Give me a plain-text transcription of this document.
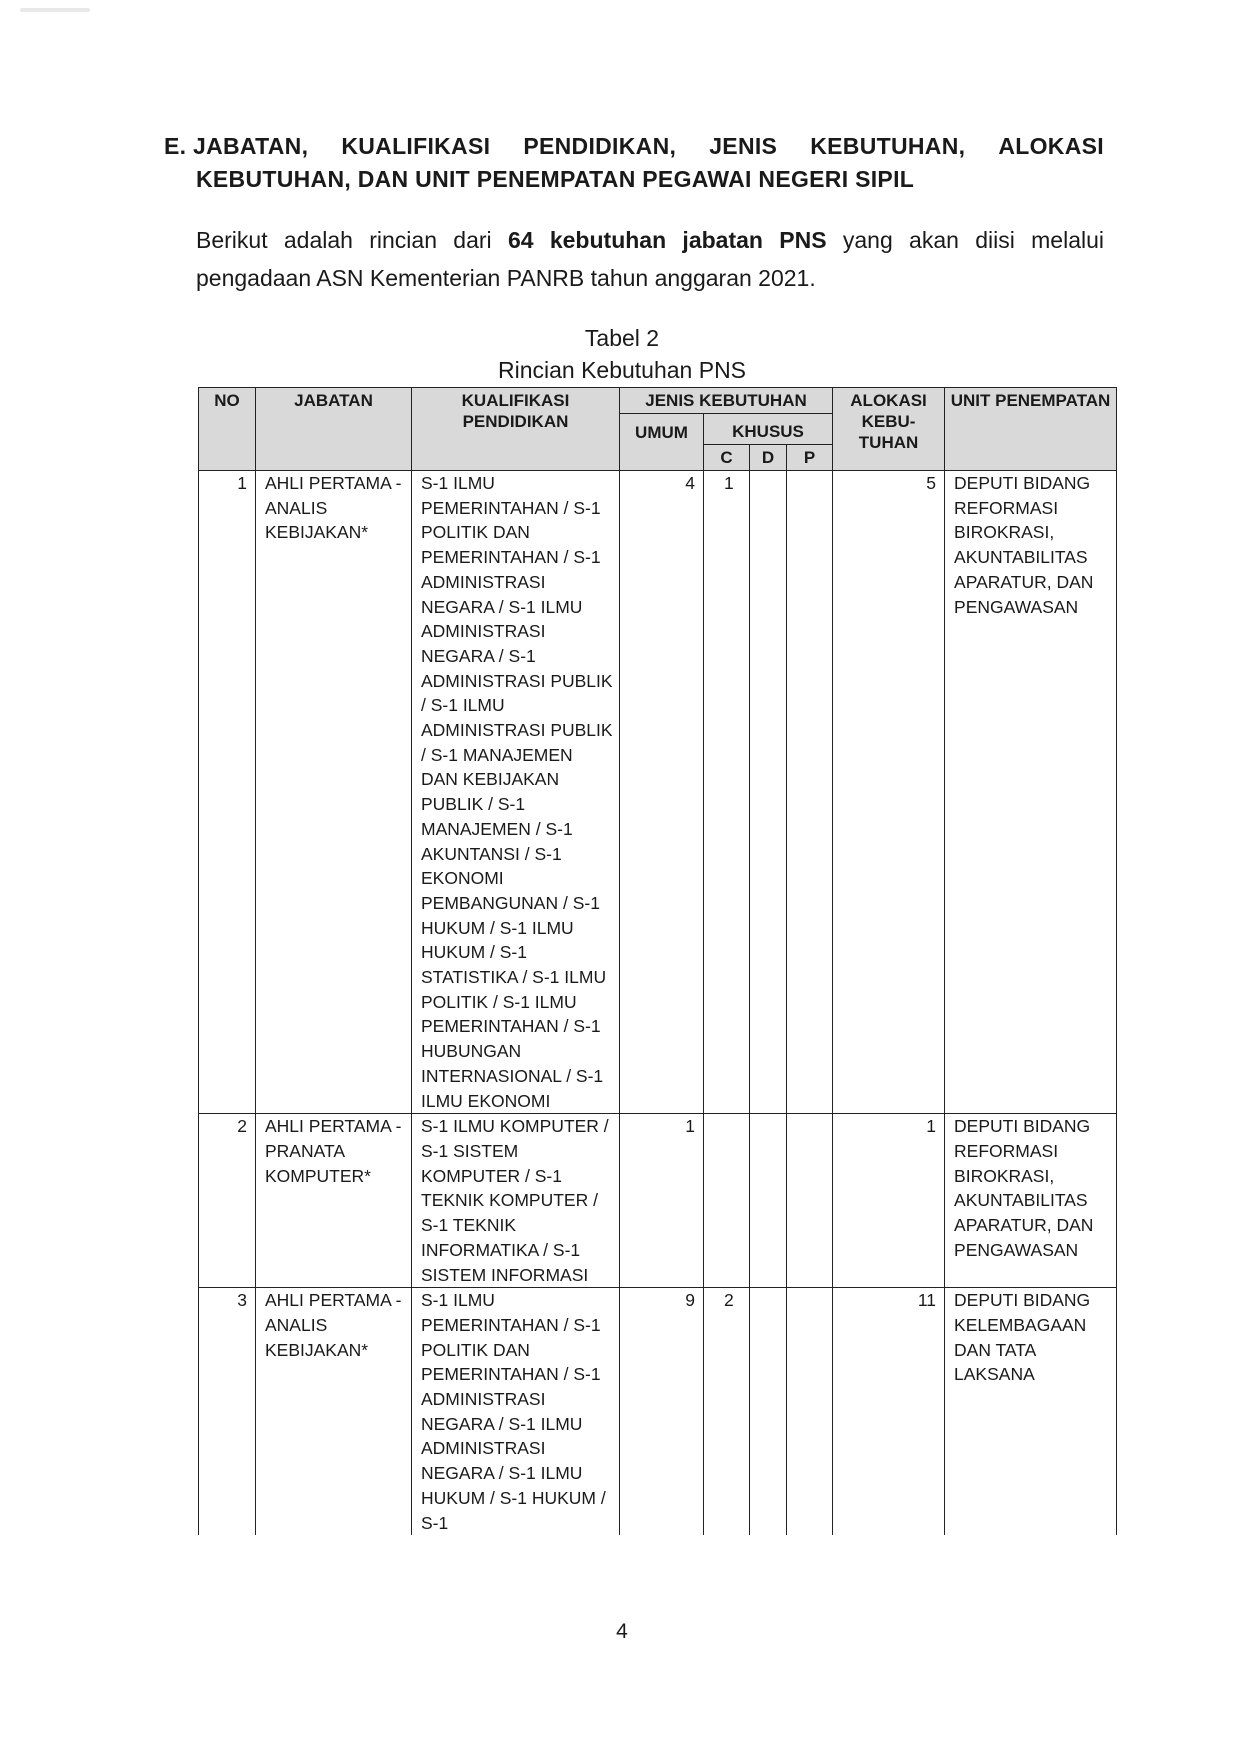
E. JABATAN, KUALIFIKASI PENDIDIKAN, JENIS KEBUTUHAN, ALOKASI
KEBUTUHAN, DAN UNIT PENEMPATAN PEGAWAI NEGERI SIPIL
Berikut adalah rincian dari 64 kebutuhan jabatan PNS yang akan diisi melalui pengadaan ASN Kementerian PANRB tahun anggaran 2021.
Tabel 2
Rincian Kebutuhan PNS
NO	JABATAN	KUALIFIKASI PENDIDIKAN	JENIS KEBUTUHAN				ALOKASI KEBU- TUHAN	UNIT PENEMPATAN
			UMUM	KHUSUS				
				C	D	P		
1	AHLI PERTAMA - ANALIS KEBIJAKAN*	S-1 ILMU PEMERINTAHAN / S-1 POLITIK DAN PEMERINTAHAN / S-1 ADMINISTRASI NEGARA / S-1 ILMU ADMINISTRASI NEGARA / S-1 ADMINISTRASI PUBLIK / S-1 ILMU ADMINISTRASI PUBLIK / S-1 MANAJEMEN DAN KEBIJAKAN PUBLIK / S-1 MANAJEMEN / S-1 AKUNTANSI / S-1 EKONOMI PEMBANGUNAN / S-1 HUKUM / S-1 ILMU HUKUM / S-1 STATISTIKA / S-1 ILMU POLITIK / S-1 ILMU PEMERINTAHAN / S-1 HUBUNGAN INTERNASIONAL / S-1 ILMU EKONOMI	4	1			5	DEPUTI BIDANG REFORMASI BIROKRASI, AKUNTABILITAS APARATUR, DAN PENGAWASAN
2	AHLI PERTAMA - PRANATA KOMPUTER*	S-1 ILMU KOMPUTER / S-1 SISTEM KOMPUTER / S-1 TEKNIK KOMPUTER / S-1 TEKNIK INFORMATIKA / S-1 SISTEM INFORMASI	1				1	DEPUTI BIDANG REFORMASI BIROKRASI, AKUNTABILITAS APARATUR, DAN PENGAWASAN
3	AHLI PERTAMA - ANALIS KEBIJAKAN*	S-1 ILMU PEMERINTAHAN / S-1 POLITIK DAN PEMERINTAHAN / S-1 ADMINISTRASI NEGARA / S-1 ILMU ADMINISTRASI NEGARA / S-1 ILMU HUKUM / S-1 HUKUM / S-1	9	2			11	DEPUTI BIDANG KELEMBAGAAN DAN TATA LAKSANA
4
